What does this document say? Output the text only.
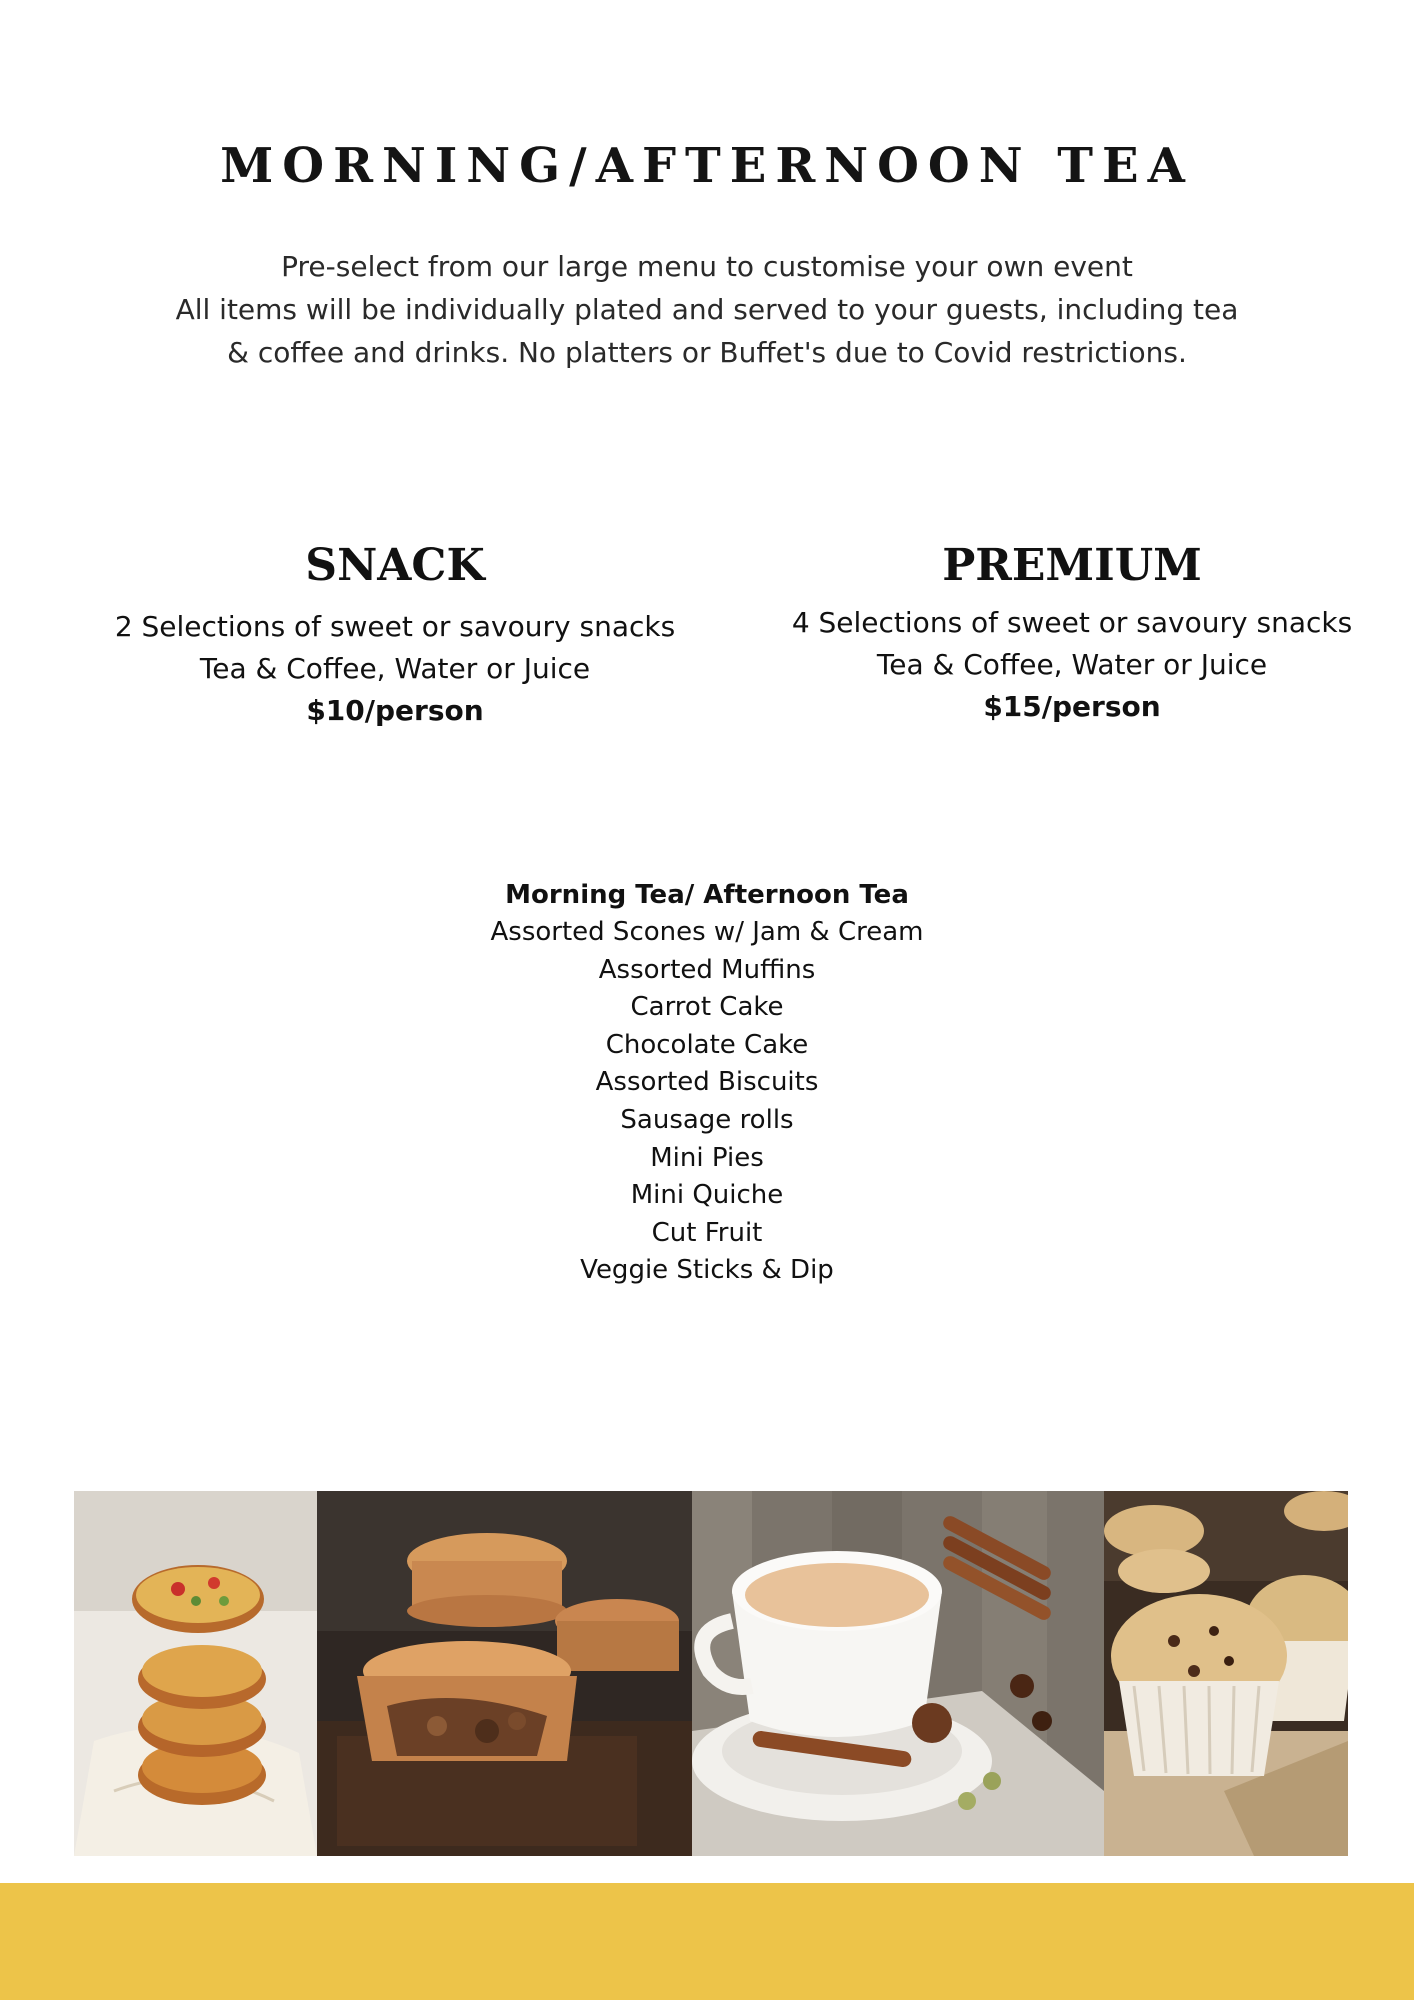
MORNING/AFTERNOON TEA
Pre-select from our large menu to customise your own event
All items will be individually plated and served to your guests, including tea
& coffee and drinks. No platters or Buffet's due to Covid restrictions.
SNACK
2 Selections of sweet or savoury snacks
Tea & Coffee, Water or Juice
$10/person
PREMIUM
4 Selections of sweet or savoury snacks
Tea & Coffee, Water or Juice
$15/person
Morning Tea/ Afternoon Tea
Assorted Scones w/ Jam & Cream
Assorted Muffins
Carrot Cake
Chocolate Cake
Assorted Biscuits
Sausage rolls
Mini Pies
Mini Quiche
Cut Fruit
Veggie Sticks & Dip
